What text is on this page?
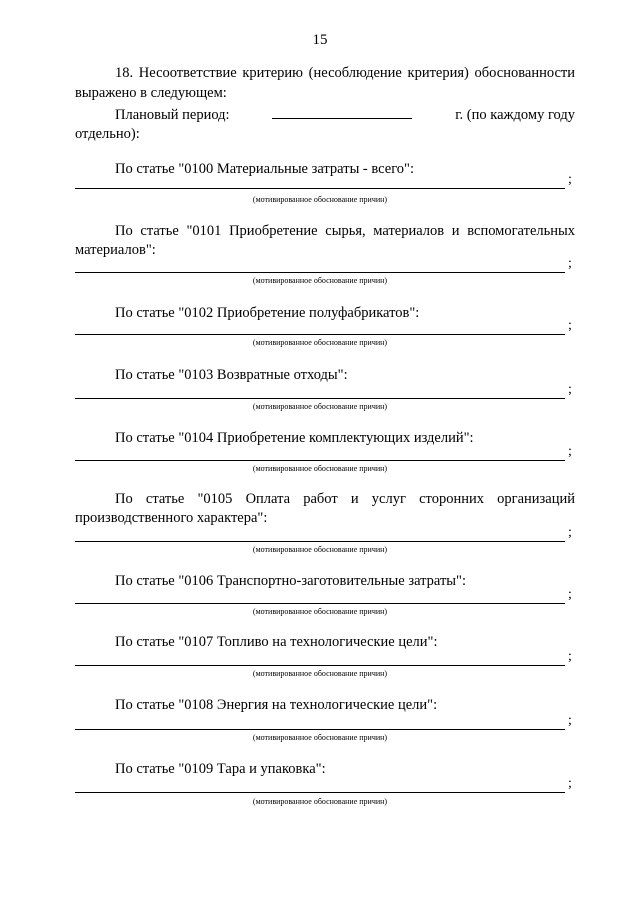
15
18. Несоответствие критерию (несоблюдение критерия) обоснованности
выражено в следующем:
Плановый период:	г. (по каждому году
отдельно):
По статье "0100 Материальные затраты - всего":
;
(мотивированное обоснование причин)
По статье "0101 Приобретение сырья, материалов и вспомогательных
материалов":
;
(мотивированное обоснование причин)
По статье "0102 Приобретение полуфабрикатов":
;
(мотивированное обоснование причин)
По статье "0103 Возвратные отходы":
;
(мотивированное обоснование причин)
По статье "0104 Приобретение комплектующих изделий":
;
(мотивированное обоснование причин)
По статье "0105 Оплата работ и услуг сторонних организаций
производственного характера":
;
(мотивированное обоснование причин)
По статье "0106 Транспортно-заготовительные затраты":
;
(мотивированное обоснование причин)
По статье "0107 Топливо на технологические цели":
;
(мотивированное обоснование причин)
По статье "0108 Энергия на технологические цели":
;
(мотивированное обоснование причин)
По статье "0109 Тара и упаковка":
;
(мотивированное обоснование причин)
